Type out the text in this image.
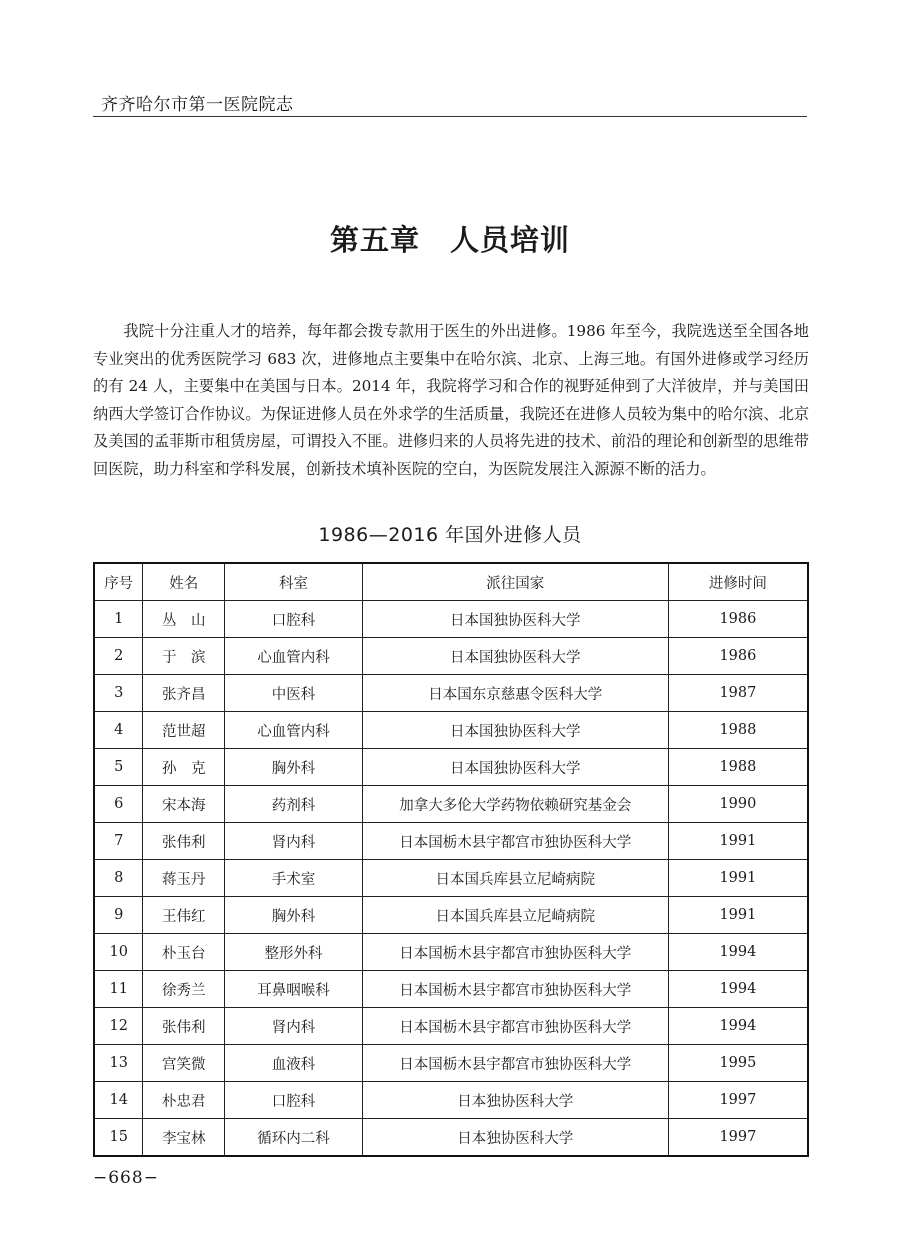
齐齐哈尔市第一医院院志
第五章 人员培训

我院十分注重人才的培养，每年都会拨专款用于医生的外出进修。1986 年至今，我院选送至全国各地专业突出的优秀医院学习 683 次，进修地点主要集中在哈尔滨、北京、上海三地。有国外进修或学习经历的有 24 人，主要集中在美国与日本。2014 年，我院将学习和合作的视野延伸到了大洋彼岸，并与美国田纳西大学签订合作协议。为保证进修人员在外求学的生活质量，我院还在进修人员较为集中的哈尔滨、北京及美国的孟菲斯市租赁房屋，可谓投入不匪。进修归来的人员将先进的技术、前沿的理论和创新型的思维带回医院，助力科室和学科发展，创新技术填补医院的空白，为医院发展注入源源不断的活力。

1986—2016 年国外进修人员
序号	姓名	科室	派往国家	进修时间
1	丛　山	口腔科	日本国独协医科大学	1986
2	于　滨	心血管内科	日本国独协医科大学	1986
3	张齐昌	中医科	日本国东京慈惠令医科大学	1987
4	范世超	心血管内科	日本国独协医科大学	1988
5	孙　克	胸外科	日本国独协医科大学	1988
6	宋本海	药剂科	加拿大多伦大学药物依赖研究基金会	1990
7	张伟利	肾内科	日本国栃木县宇都宫市独协医科大学	1991
8	蒋玉丹	手术室	日本国兵库县立尼崎病院	1991
9	王伟红	胸外科	日本国兵库县立尼崎病院	1991
10	朴玉台	整形外科	日本国栃木县宇都宫市独协医科大学	1994
11	徐秀兰	耳鼻咽喉科	日本国栃木县宇都宫市独协医科大学	1994
12	张伟利	肾内科	日本国栃木县宇都宫市独协医科大学	1994
13	宫笑微	血液科	日本国栃木县宇都宫市独协医科大学	1995
14	朴忠君	口腔科	日本独协医科大学	1997
15	李宝林	循环内二科	日本独协医科大学	1997
−668−
